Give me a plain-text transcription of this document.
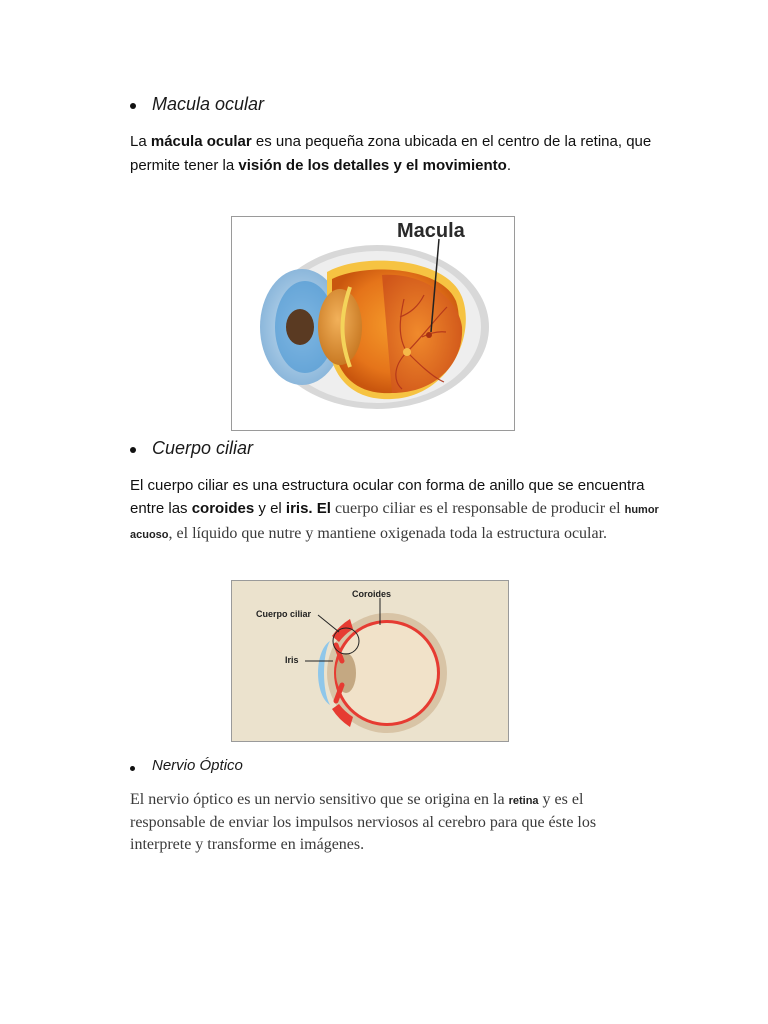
Macula ocular
La mácula ocular es una pequeña zona ubicada en el centro de la retina, que permite tener la visión de los detalles y el movimiento.
Macula
Cuerpo ciliar
El cuerpo ciliar es una estructura ocular con forma de anillo que se encuentra entre las coroides y el iris. El cuerpo ciliar es el responsable de producir el humor acuoso, el líquido que nutre y mantiene oxigenada toda la estructura ocular.
Coroides
Cuerpo ciliar
Iris
Nervio Óptico
El nervio óptico es un nervio sensitivo que se origina en la retina y es el responsable de enviar los impulsos nerviosos al cerebro para que éste los interprete y transforme en imágenes.
